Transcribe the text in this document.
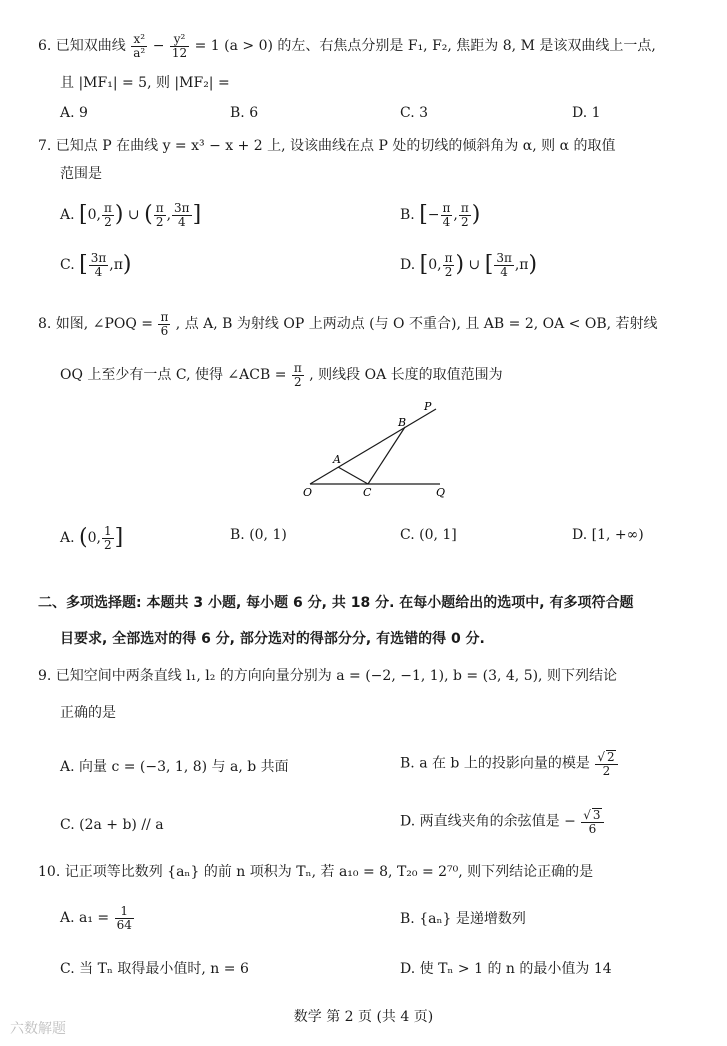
6. 已知双曲线 $\frac{\text{x²}}{\text{a²}} - \frac{\text{y²}}{12} = 1$ (a > 0) 的左、右焦点分别是 F₁, F₂, 焦距为 8, M 是该双曲线上一点,
且 |MF₁| = 5, 则 |MF₂| =
A. 9	B. 6	C. 3	D. 1
7. 已知点 P 在曲线 y = x³ − x + 2 上, 设该曲线在点 P 处的切线的倾斜角为 α, 则 α 的取值
范围是
A. [0, $\frac{\pi}{2}$ ) ∪ ( $\frac{\pi}{2}$ , $\frac{3\pi}{4}$ ]	B. [− $\frac{\pi}{4}$ , $\frac{\pi}{2}$ )
C. [ $\frac{3\pi}{4} ,\pi$)	D. [0, $\frac{\pi}{2}$ ) ∪ [ $\frac{3\pi}{4} ,\pi$)
8. 如图, ∠POQ = $\frac{\pi}{6}$ , 点 A, B 为射线 OP 上两动点 (与 O 不重合), 且 AB = 2, OA < OB, 若射线
OQ 上至少有一点 C, 使得 ∠ACB = $\frac{\pi}{2}$ , 则线段 OA 长度的取值范围为
P
B
A
O	C	Q
A. (0, $\frac{1}{2}$ ]	B. (0, 1)	C. (0, 1]	D. [1, +∞)
二、多项选择题: 本题共 3 小题, 每小题 6 分, 共 18 分. 在每小题给出的选项中, 有多项符合题
目要求, 全部选对的得 6 分, 部分选对的得部分分, 有选错的得 0 分.
9. 已知空间中两条直线 l₁, l₂ 的方向向量分别为 a = (−2, −1, 1), b = (3, 4, 5), 则下列结论
正确的是
A. 向量 c = (−3, 1, 8) 与 a, b 共面	B. a 在 b 上的投影向量的模是 $\frac{√ 2}{2}$
C. (2a + b) // a	D. 两直线夹角的余弦值是 − $\frac{√ 3}{6}$
10. 记正项等比数列 {aₙ} 的前 n 项积为 Tₙ, 若 a₁₀ = 8, T₂₀ = 2⁷⁰, 则下列结论正确的是
A. $a_1 = \frac{1}{64}$	B. {aₙ} 是递增数列
C. 当 Tₙ 取得最小值时, n = 6	D. 使 Tₙ > 1 的 n 的最小值为 14
数学 第 2 页 (共 4 页)
六数解题
